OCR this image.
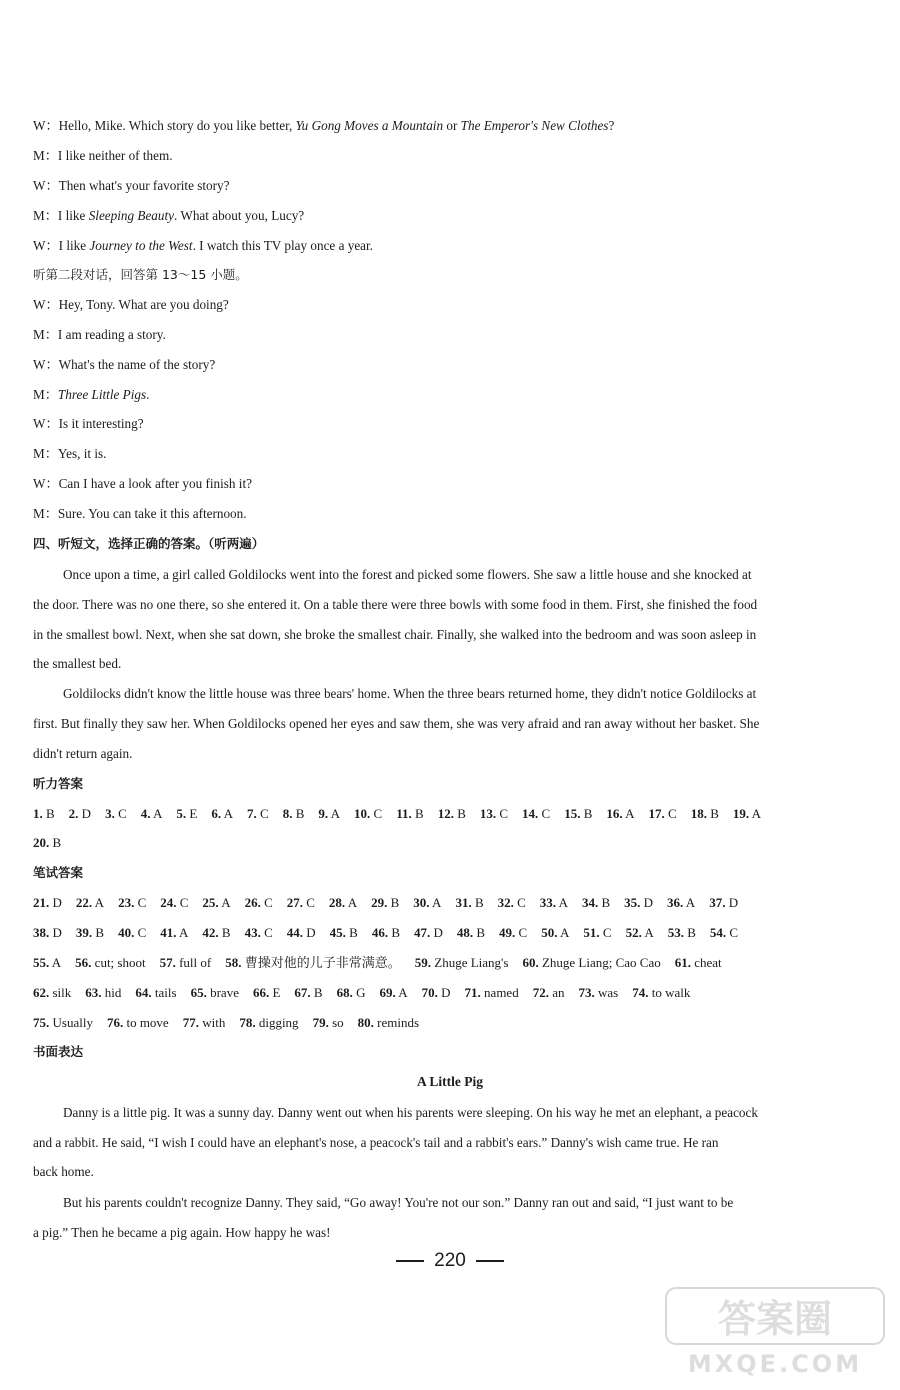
W：Hello, Mike. Which story do you like better, Yu Gong Moves a Mountain or The Emperor's New Clothes?
M：I like neither of them.
W：Then what's your favorite story?
M：I like Sleeping Beauty. What about you, Lucy?
W：I like Journey to the West. I watch this TV play once a year.
听第二段对话，回答第 13～15 小题。
W：Hey, Tony. What are you doing?
M：I am reading a story.
W：What's the name of the story?
M：Three Little Pigs.
W：Is it interesting?
M：Yes, it is.
W：Can I have a look after you finish it?
M：Sure. You can take it this afternoon.
四、听短文，选择正确的答案。（听两遍）
Once upon a time, a girl called Goldilocks went into the forest and picked some flowers. She saw a little house and she knocked at
the door. There was no one there, so she entered it. On a table there were three bowls with some food in them. First, she finished the food
in the smallest bowl. Next, when she sat down, she broke the smallest chair. Finally, she walked into the bedroom and was soon asleep in
the smallest bed.
Goldilocks didn't know the little house was three bears' home. When the three bears returned home, they didn't notice Goldilocks at
first. But finally they saw her. When Goldilocks opened her eyes and saw them, she was very afraid and ran away without her basket. She
didn't return again.
听力答案
1. B 2. D 3. C 4. A 5. E 6. A 7. C 8. B 9. A 10. C 11. B 12. B 13. C 14. C 15. B 16. A 17. C 18. B 19. A
20. B
笔试答案
21. D 22. A 23. C 24. C 25. A 26. C 27. C 28. A 29. B 30. A 31. B 32. C 33. A 34. B 35. D 36. A 37. D
38. D 39. B 40. C 41. A 42. B 43. C 44. D 45. B 46. B 47. D 48. B 49. C 50. A 51. C 52. A 53. B 54. C
55. A 56. cut; shoot 57. full of 58. 曹操对他的儿子非常满意。 59. Zhuge Liang's 60. Zhuge Liang; Cao Cao 61. cheat
62. silk 63. hid 64. tails 65. brave 66. E 67. B 68. G 69. A 70. D 71. named 72. an 73. was 74. to walk
75. Usually 76. to move 77. with 78. digging 79. so 80. reminds
书面表达
A Little Pig
Danny is a little pig. It was a sunny day. Danny went out when his parents were sleeping. On his way he met an elephant, a peacock
and a rabbit. He said, “I wish I could have an elephant's nose, a peacock's tail and a rabbit's ears.” Danny's wish came true. He ran
back home.
But his parents couldn't recognize Danny. They said, “Go away! You're not our son.” Danny ran out and said, “I just want to be
a pig.” Then he became a pig again. How happy he was!
220
答案圈
MXQE.COM
